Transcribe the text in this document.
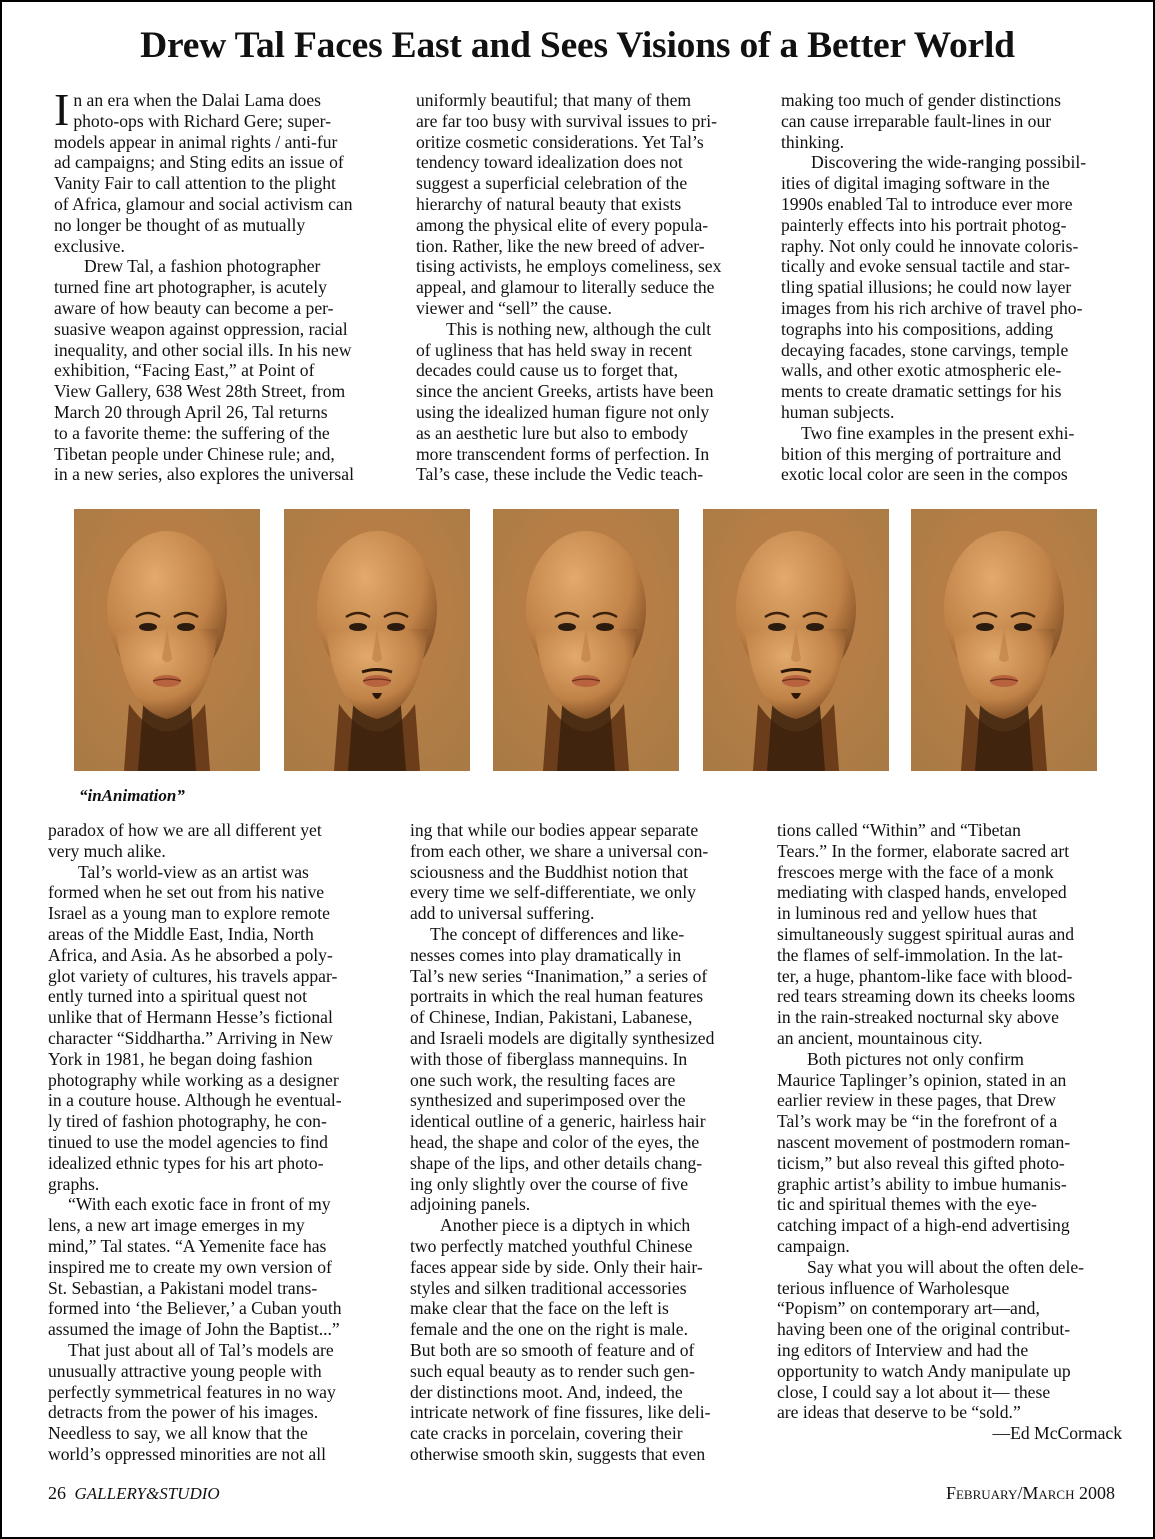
Drew Tal Faces East and Sees Visions of a Better World
I n an era when the Dalai Lama does
photo-ops with Richard Gere; super-
models appear in animal rights / anti-fur
ad campaigns; and Sting edits an issue of
Vanity Fair to call attention to the plight
of Africa, glamour and social activism can
no longer be thought of as mutually
exclusive.
Drew Tal, a fashion photographer
turned fine art photographer, is acutely
aware of how beauty can become a per-
suasive weapon against oppression, racial
inequality, and other social ills. In his new
exhibition, “Facing East,” at Point of
View Gallery, 638 West 28th Street, from
March 20 through April 26, Tal returns
to a favorite theme: the suffering of the
Tibetan people under Chinese rule; and,
in a new series, also explores the universal
uniformly beautiful; that many of them
are far too busy with survival issues to pri-
oritize cosmetic considerations. Yet Tal’s
tendency toward idealization does not
suggest a superficial celebration of the
hierarchy of natural beauty that exists
among the physical elite of every popula-
tion. Rather, like the new breed of adver-
tising activists, he employs comeliness, sex
appeal, and glamour to literally seduce the
viewer and “sell” the cause.
This is nothing new, although the cult
of ugliness that has held sway in recent
decades could cause us to forget that,
since the ancient Greeks, artists have been
using the idealized human figure not only
as an aesthetic lure but also to embody
more transcendent forms of perfection. In
Tal’s case, these include the Vedic teach-
making too much of gender distinctions
can cause irreparable fault-lines in our
thinking.
Discovering the wide-ranging possibil-
ities of digital imaging software in the
1990s enabled Tal to introduce ever more
painterly effects into his portrait photog-
raphy. Not only could he innovate coloris-
tically and evoke sensual tactile and star-
tling spatial illusions; he could now layer
images from his rich archive of travel pho-
tographs into his compositions, adding
decaying facades, stone carvings, temple
walls, and other exotic atmospheric ele-
ments to create dramatic settings for his
human subjects.
Two fine examples in the present exhi-
bition of this merging of portraiture and
exotic local color are seen in the compos
“inAnimation”
paradox of how we are all different yet
very much alike.
Tal’s world-view as an artist was
formed when he set out from his native
Israel as a young man to explore remote
areas of the Middle East, India, North
Africa, and Asia. As he absorbed a poly-
glot variety of cultures, his travels appar-
ently turned into a spiritual quest not
unlike that of Hermann Hesse’s fictional
character “Siddhartha.” Arriving in New
York in 1981, he began doing fashion
photography while working as a designer
in a couture house. Although he eventual-
ly tired of fashion photography, he con-
tinued to use the model agencies to find
idealized ethnic types for his art photo-
graphs.
“With each exotic face in front of my
lens, a new art image emerges in my
mind,” Tal states. “A Yemenite face has
inspired me to create my own version of
St. Sebastian, a Pakistani model trans-
formed into ‘the Believer,’ a Cuban youth
assumed the image of John the Baptist...”
That just about all of Tal’s models are
unusually attractive young people with
perfectly symmetrical features in no way
detracts from the power of his images.
Needless to say, we all know that the
world’s oppressed minorities are not all
ing that while our bodies appear separate
from each other, we share a universal con-
sciousness and the Buddhist notion that
every time we self-differentiate, we only
add to universal suffering.
The concept of differences and like-
nesses comes into play dramatically in
Tal’s new series “Inanimation,” a series of
portraits in which the real human features
of Chinese, Indian, Pakistani, Labanese,
and Israeli models are digitally synthesized
with those of fiberglass mannequins. In
one such work, the resulting faces are
synthesized and superimposed over the
identical outline of a generic, hairless hair
head, the shape and color of the eyes, the
shape of the lips, and other details chang-
ing only slightly over the course of five
adjoining panels.
Another piece is a diptych in which
two perfectly matched youthful Chinese
faces appear side by side. Only their hair-
styles and silken traditional accessories
make clear that the face on the left is
female and the one on the right is male.
But both are so smooth of feature and of
such equal beauty as to render such gen-
der distinctions moot. And, indeed, the
intricate network of fine fissures, like deli-
cate cracks in porcelain, covering their
otherwise smooth skin, suggests that even
tions called “Within” and “Tibetan
Tears.” In the former, elaborate sacred art
frescoes merge with the face of a monk
mediating with clasped hands, enveloped
in luminous red and yellow hues that
simultaneously suggest spiritual auras and
the flames of self-immolation. In the lat-
ter, a huge, phantom-like face with blood-
red tears streaming down its cheeks looms
in the rain-streaked nocturnal sky above
an ancient, mountainous city.
Both pictures not only confirm
Maurice Taplinger’s opinion, stated in an
earlier review in these pages, that Drew
Tal’s work may be “in the forefront of a
nascent movement of postmodern roman-
ticism,” but also reveal this gifted photo-
graphic artist’s ability to imbue humanis-
tic and spiritual themes with the eye-
catching impact of a high-end advertising
campaign.
Say what you will about the often dele-
terious influence of Warholesque
“Popism” on contemporary art—and,
having been one of the original contribut-
ing editors of Interview and had the
opportunity to watch Andy manipulate up
close, I could say a lot about it— these
are ideas that deserve to be “sold.”
—Ed McCormack
26 GALLERY&STUDIO	February/March 2008
